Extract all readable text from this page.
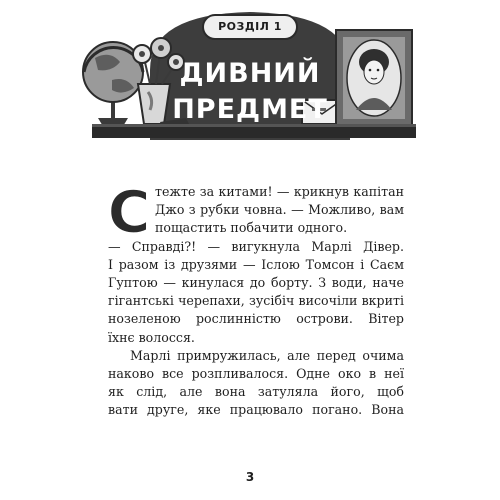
РОЗДІЛ 1
ДИВНИЙ
ПРЕДМЕТ
С тежте за китами! — крикнув капітан
Джо з рубки човна. — Можливо, вам
пощастить побачити одного.
— Справді?! — вигукнула Марлі Дівер.
І разом із друзями — Іслою Томсон і Саєм
Гуптою — кинулася до борту. З води, наче
гігантські черепахи, зусібіч височіли вкриті
нозеленою рослинністю острови. Вітер
їхнє волосся.
Марлі примружилась, але перед очима
наково все розпливалося. Одне око в неї
як слід, але вона затуляла його, щоб
вати друге, яке працювало погано. Вона
3
